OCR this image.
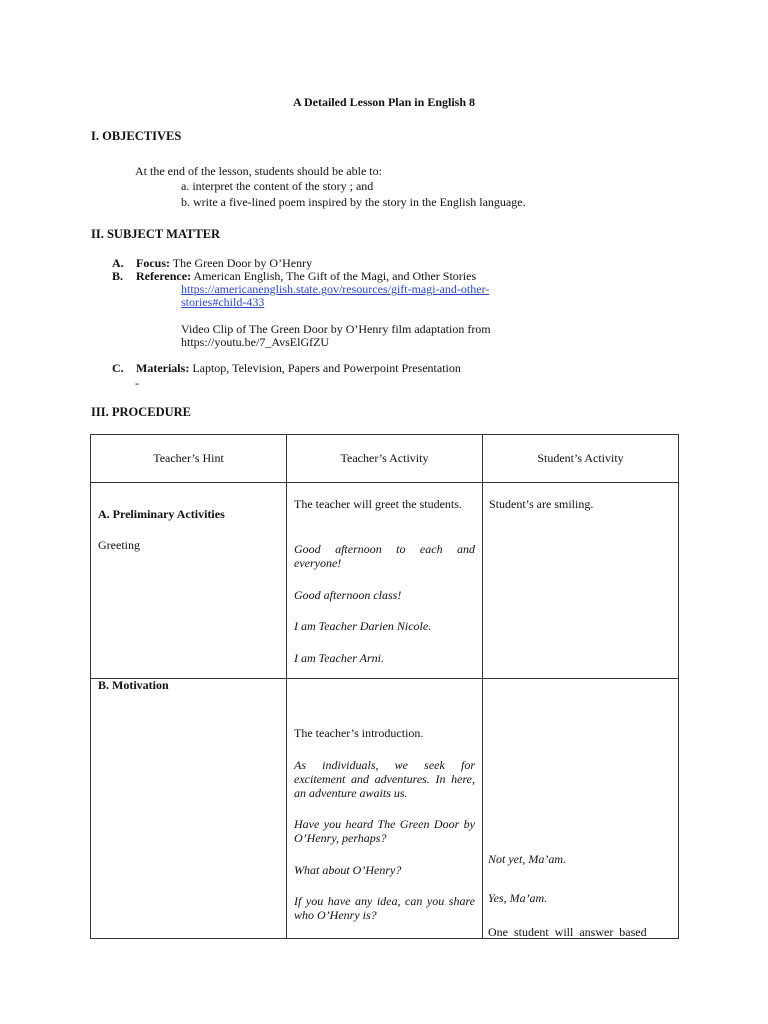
A Detailed Lesson Plan in English 8
I. OBJECTIVES
At the end of the lesson, students should be able to:
a. interpret the content of the story ; and
b. write a five-lined poem inspired by the story in the English language.
II. SUBJECT MATTER
A. Focus: The Green Door by O’Henry
B. Reference: American English, The Gift of the Magi, and Other Stories
https://americanenglish.state.gov/resources/gift-magi-and-other-
stories#child-433
Video Clip of The Green Door by O’Henry film adaptation from
https://youtu.be/7_AvsElGfZU
C. Materials: Laptop, Television, Papers and Powerpoint Presentation
-
III. PROCEDURE
Teacher’s Hint	Teacher’s Activity	Student’s Activity
A. Preliminary Activities
Greeting
The teacher will greet the students.
Good afternoon to each and everyone!
Good afternoon class!
I am Teacher Darien Nicole.
I am Teacher Arni.
Student’s are smiling.
B. Motivation
The teacher’s introduction.
As individuals, we seek for excitement and adventures. In here, an adventure awaits us.
Have you heard The Green Door by O’Henry, perhaps?
What about O’Henry?
If you have any idea, can you share who O’Henry is?
Not yet, Ma’am.
Yes, Ma’am.
One student will answer based
